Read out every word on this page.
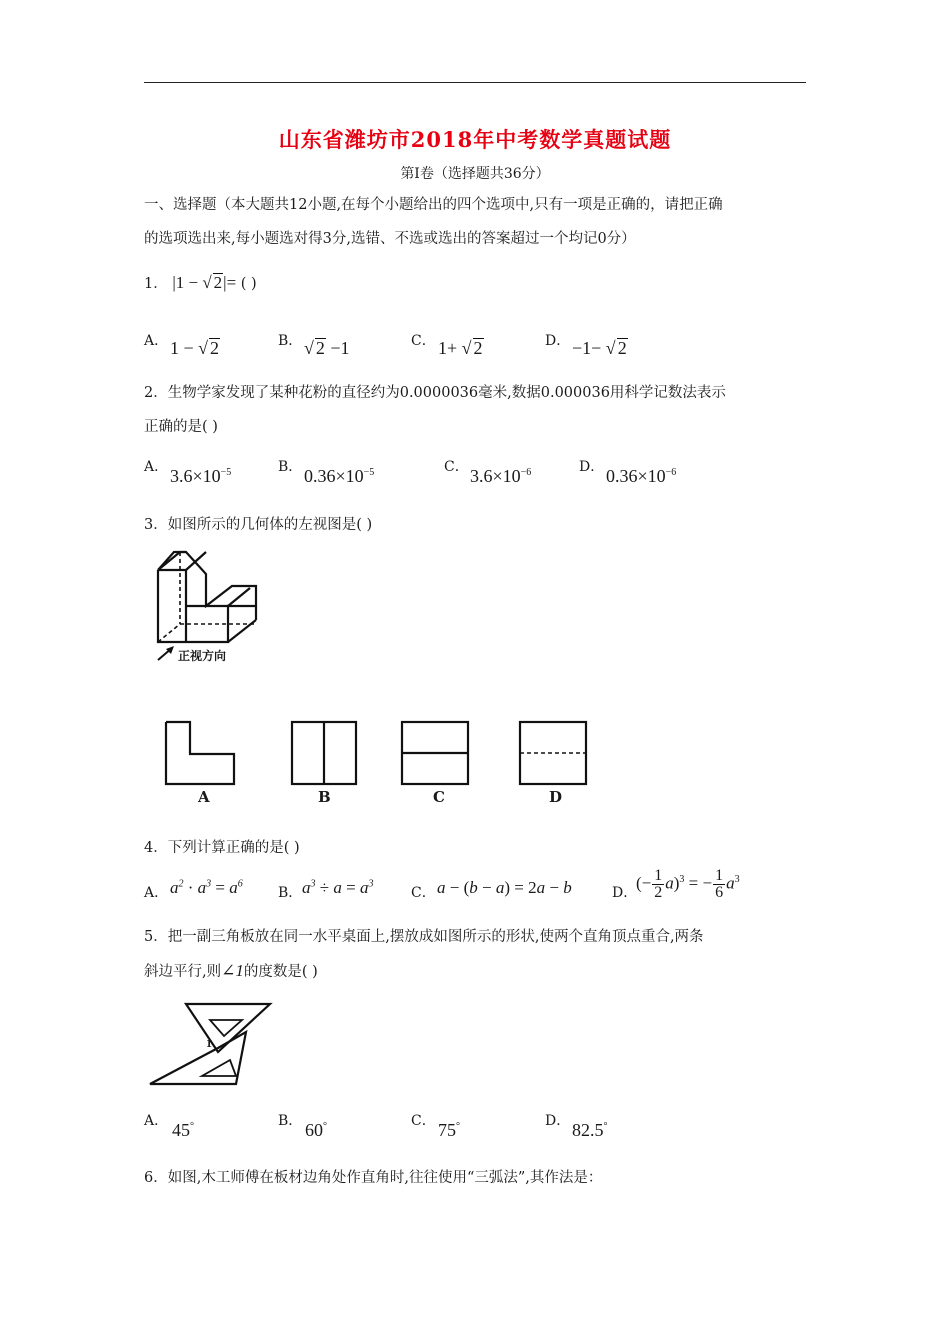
山东省潍坊市2018年中考数学真题试题
第Ⅰ卷（选择题共36分）
一、选择题（本大题共12小题,在每个小题给出的四个选项中,只有一项是正确的，请把正确
的选项选出来,每小题选对得3分,选错、不选或选出的答案超过一个均记0分）
1． |1 − √ 2|= ( )
A． 1 − √ 2	B． √ 2 −1	C． 1+ √ 2	D． −1− √ 2
2．生物学家发现了某种花粉的直径约为0.0000036毫米,数据0.000036用科学记数法表示
正确的是( )
A． $3.6\times 10^{-5}$	B． $0.36\times 10^{-5}$	C． $3.6\times 10^{-6}$	D． $0.36\times 10^{-6}$
3．如图所示的几何体的左视图是( )
正视方向
A	B	C	D
4．下列计算正确的是( )
A． $a^2 \cdot a^3 = a^6$
B． $a^3 \div a = a^3$
C． a − (b − a) = 2a − b	D．
(− $\frac{1}{2} a)^3$ = − $\frac{1}{6} a^3$
5．把一副三角板放在同一水平桌面上,摆放成如图所示的形状,使两个直角顶点重合,两条
斜边平行,则∠1的度数是( )
1
A． 45°	B． 60°	C． 75°	D． 82.5°
6．如图,木工师傅在板材边角处作直角时,往往使用“三弧法”,其作法是：
